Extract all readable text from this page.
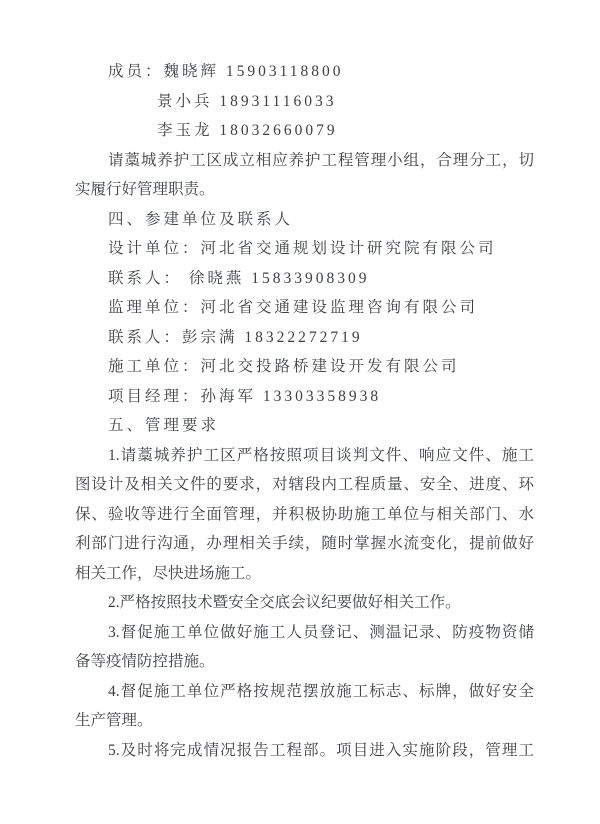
成员：魏晓辉 15903118800
景小兵 18931116033
李玉龙 18032660079
请藁城养护工区成立相应养护工程管理小组，合理分工，切
实履行好管理职责。
四、参建单位及联系人
设计单位：河北省交通规划设计研究院有限公司
联系人： 徐晓燕 15833908309
监理单位：河北省交通建设监理咨询有限公司
联系人：彭宗满 18322272719
施工单位：河北交投路桥建设开发有限公司
项目经理：孙海军 13303358938
五、管理要求
1.请藁城养护工区严格按照项目谈判文件、响应文件、施工
图设计及相关文件的要求，对辖段内工程质量、安全、进度、环
保、验收等进行全面管理，并积极协助施工单位与相关部门、水
利部门进行沟通，办理相关手续，随时掌握水流变化，提前做好
相关工作，尽快进场施工。
2.严格按照技术暨安全交底会议纪要做好相关工作。
3.督促施工单位做好施工人员登记、测温记录、防疫物资储
备等疫情防控措施。
4.督促施工单位严格按规范摆放施工标志、标牌，做好安全
生产管理。
5.及时将完成情况报告工程部。项目进入实施阶段，管理工
